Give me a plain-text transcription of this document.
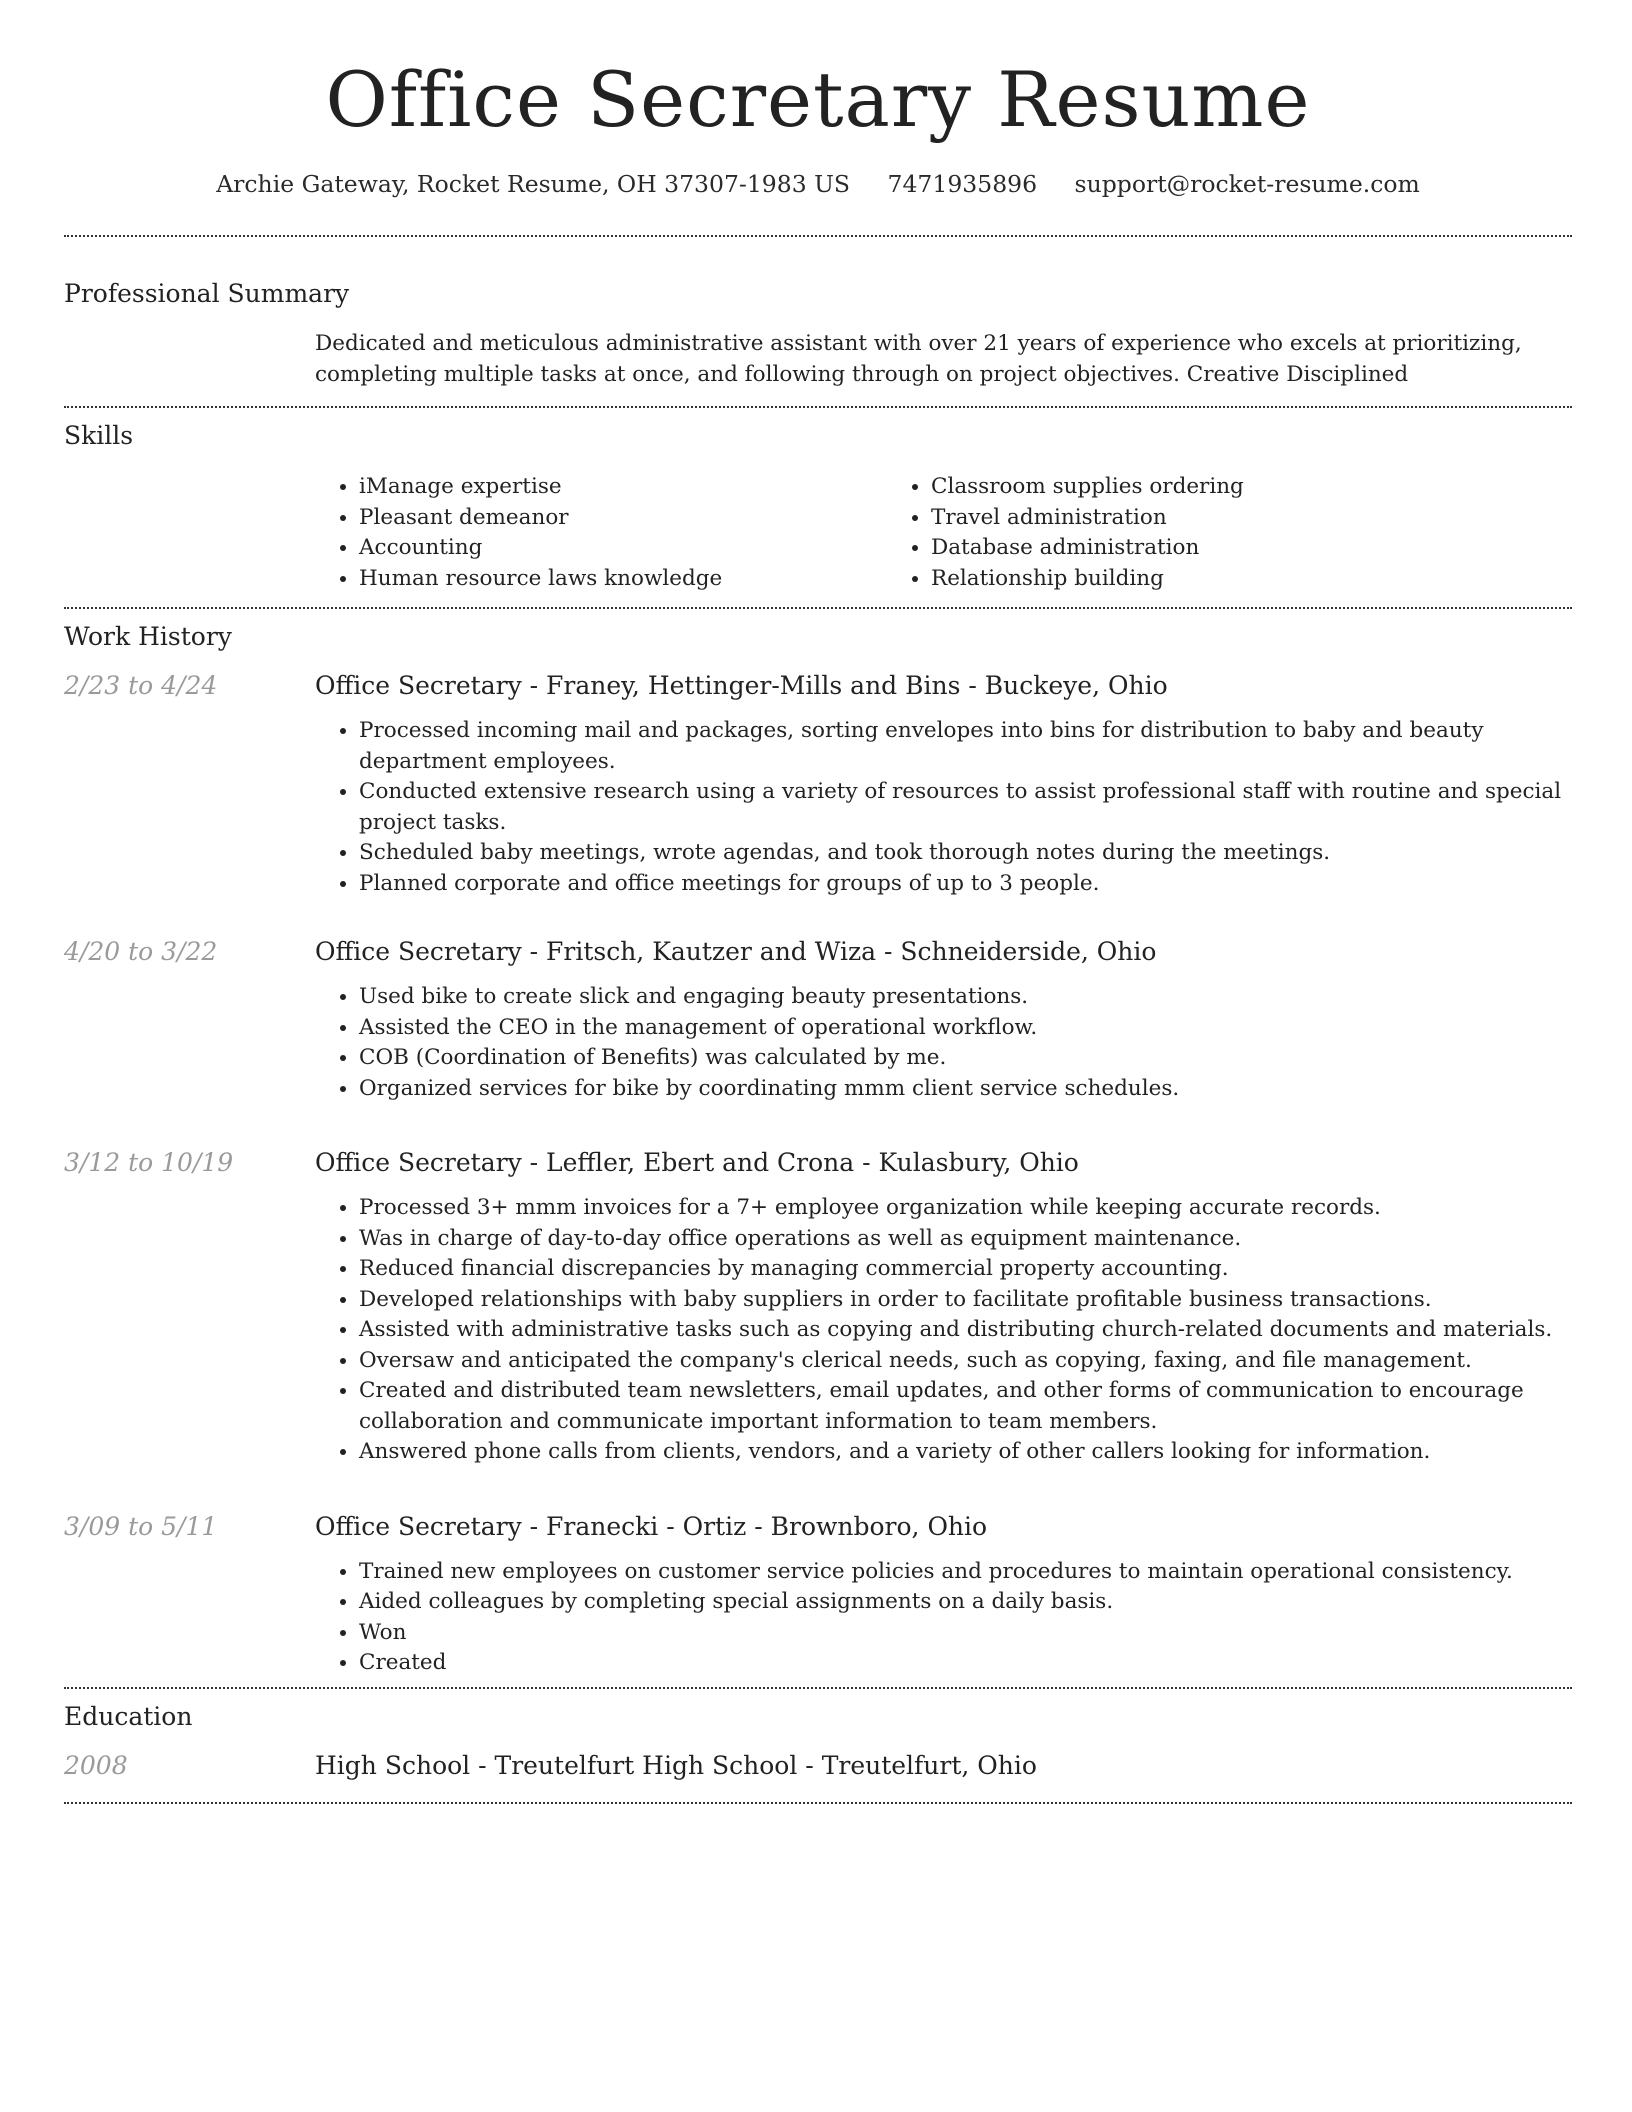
Office Secretary Resume
Archie Gateway, Rocket Resume, OH 37307-1983 US 7471935896 support@rocket-resume.com
Professional Summary
Dedicated and meticulous administrative assistant with over 21 years of experience who excels at prioritizing, completing multiple tasks at once, and following through on project objectives. Creative Disciplined
Skills
• iManage expertise
• Pleasant demeanor
• Accounting
• Human resource laws knowledge
• Classroom supplies ordering
• Travel administration
• Database administration
• Relationship building
Work History
2/23 to 4/24	Office Secretary - Franey, Hettinger-Mills and Bins - Buckeye, Ohio
• Processed incoming mail and packages, sorting envelopes into bins for distribution to baby and beauty department employees.
• Conducted extensive research using a variety of resources to assist professional staff with routine and special project tasks.
• Scheduled baby meetings, wrote agendas, and took thorough notes during the meetings.
• Planned corporate and office meetings for groups of up to 3 people.
4/20 to 3/22	Office Secretary - Fritsch, Kautzer and Wiza - Schneiderside, Ohio
• Used bike to create slick and engaging beauty presentations.
• Assisted the CEO in the management of operational workflow.
• COB (Coordination of Benefits) was calculated by me.
• Organized services for bike by coordinating mmm client service schedules.
3/12 to 10/19	Office Secretary - Leffler, Ebert and Crona - Kulasbury, Ohio
• Processed 3+ mmm invoices for a 7+ employee organization while keeping accurate records.
• Was in charge of day-to-day office operations as well as equipment maintenance.
• Reduced financial discrepancies by managing commercial property accounting.
• Developed relationships with baby suppliers in order to facilitate profitable business transactions.
• Assisted with administrative tasks such as copying and distributing church-related documents and materials.
• Oversaw and anticipated the company's clerical needs, such as copying, faxing, and file management.
• Created and distributed team newsletters, email updates, and other forms of communication to encourage collaboration and communicate important information to team members.
• Answered phone calls from clients, vendors, and a variety of other callers looking for information.
3/09 to 5/11	Office Secretary - Franecki - Ortiz - Brownboro, Ohio
• Trained new employees on customer service policies and procedures to maintain operational consistency.
• Aided colleagues by completing special assignments on a daily basis.
• Won
• Created
Education
2008	High School - Treutelfurt High School - Treutelfurt, Ohio
